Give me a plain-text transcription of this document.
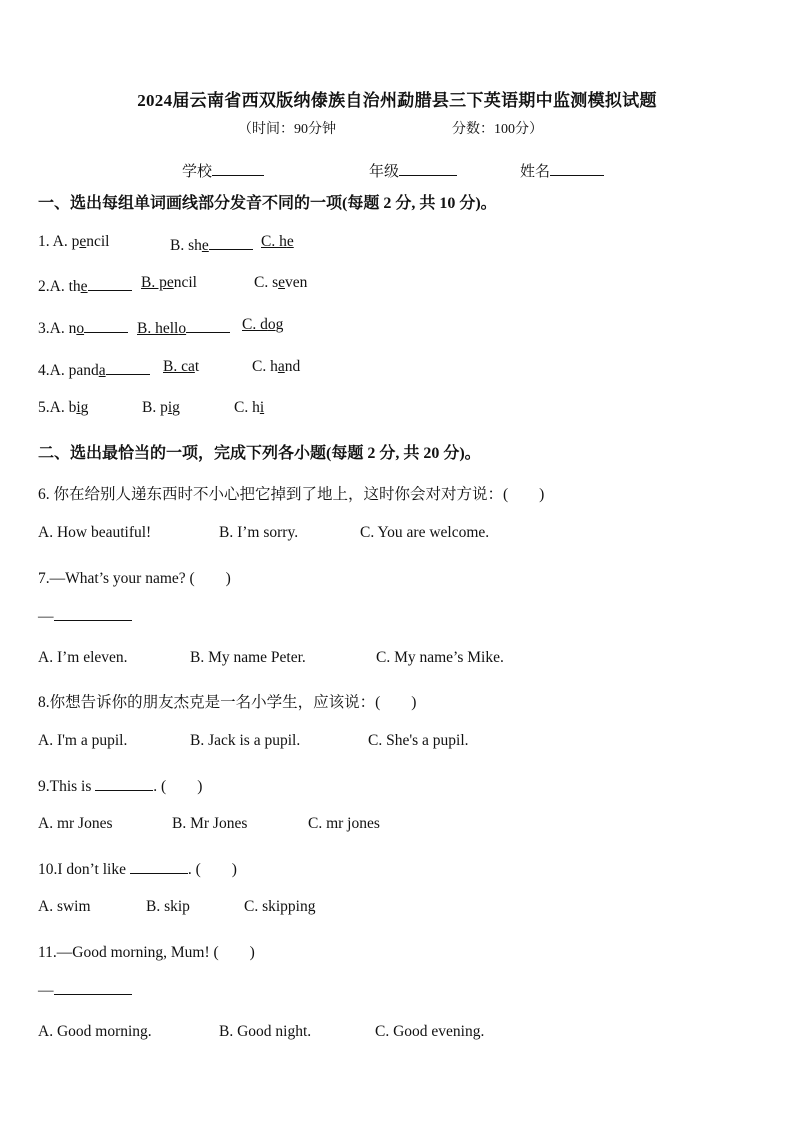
2024届云南省西双版纳傣族自治州勐腊县三下英语期中监测模拟试题
（时间：90分钟	分数：100分）
学校	年级	姓名
一、选出每组单词画线部分发音不同的一项(每题 2 分, 共 10 分)。
1. A. pencil	B. she	C. he
2.A. the	B. pencil	C. seven
3.A. no	B. hello	C. dog
4.A. panda	B. cat	C. hand
5.A. big	B. pig	C. hi
二、选出最恰当的一项，完成下列各小题(每题 2 分, 共 20 分)。
6. 你在给别人递东西时不小心把它掉到了地上，这时你会对对方说：(　　)
A. How beautiful!	B. I’m sorry.	C. You are welcome.
7.—What’s your name? (　　)
—
A. I’m eleven.	B. My name Peter.	C. My name’s Mike.
8.你想告诉你的朋友杰克是一名小学生，应该说：(　　)
A. I'm a pupil.	B. Jack is a pupil.	C. She's a pupil.
9.This is	. (　　)
A. mr Jones	B. Mr Jones	C. mr jones
10.I don’t like	. (　　)
A. swim	B. skip	C. skipping
11.—Good morning, Mum! (　　)
—
A. Good morning.	B. Good night.	C. Good evening.
